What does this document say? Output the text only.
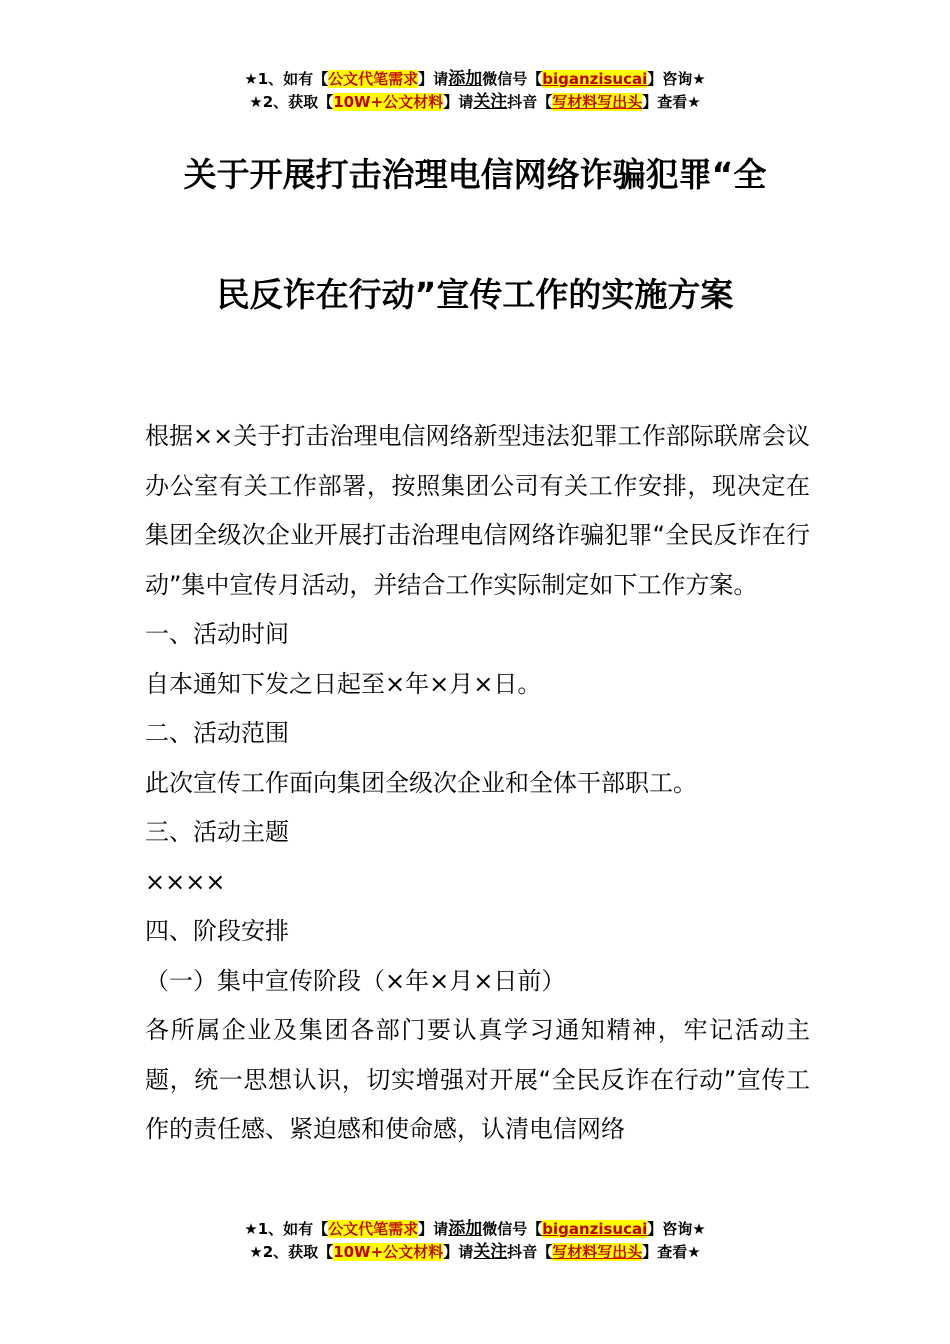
★1、如有【公文代笔需求】请添加微信号【biganzisucai】咨询★
★2、获取【10W+公文材料】请关注抖音【写材料写出头】查看★
关于开展打击治理电信网络诈骗犯罪“全
民反诈在行动”宣传工作的实施方案

根据××关于打击治理电信网络新型违法犯罪工作部际联席会议办公室有关工作部署，按照集团公司有关工作安排，现决定在集团全级次企业开展打击治理电信网络诈骗犯罪“全民反诈在行动”集中宣传月活动，并结合工作实际制定如下工作方案。

一、活动时间

自本通知下发之日起至×年×月×日。

二、活动范围

此次宣传工作面向集团全级次企业和全体干部职工。

三、活动主题

××××

四、阶段安排

（一）集中宣传阶段（×年×月×日前）

各所属企业及集团各部门要认真学习通知精神，牢记活动主题，统一思想认识，切实增强对开展“全民反诈在行动”宣传工作的责任感、紧迫感和使命感，认清电信网络

★1、如有【公文代笔需求】请添加微信号【biganzisucai】咨询★
★2、获取【10W+公文材料】请关注抖音【写材料写出头】查看★
